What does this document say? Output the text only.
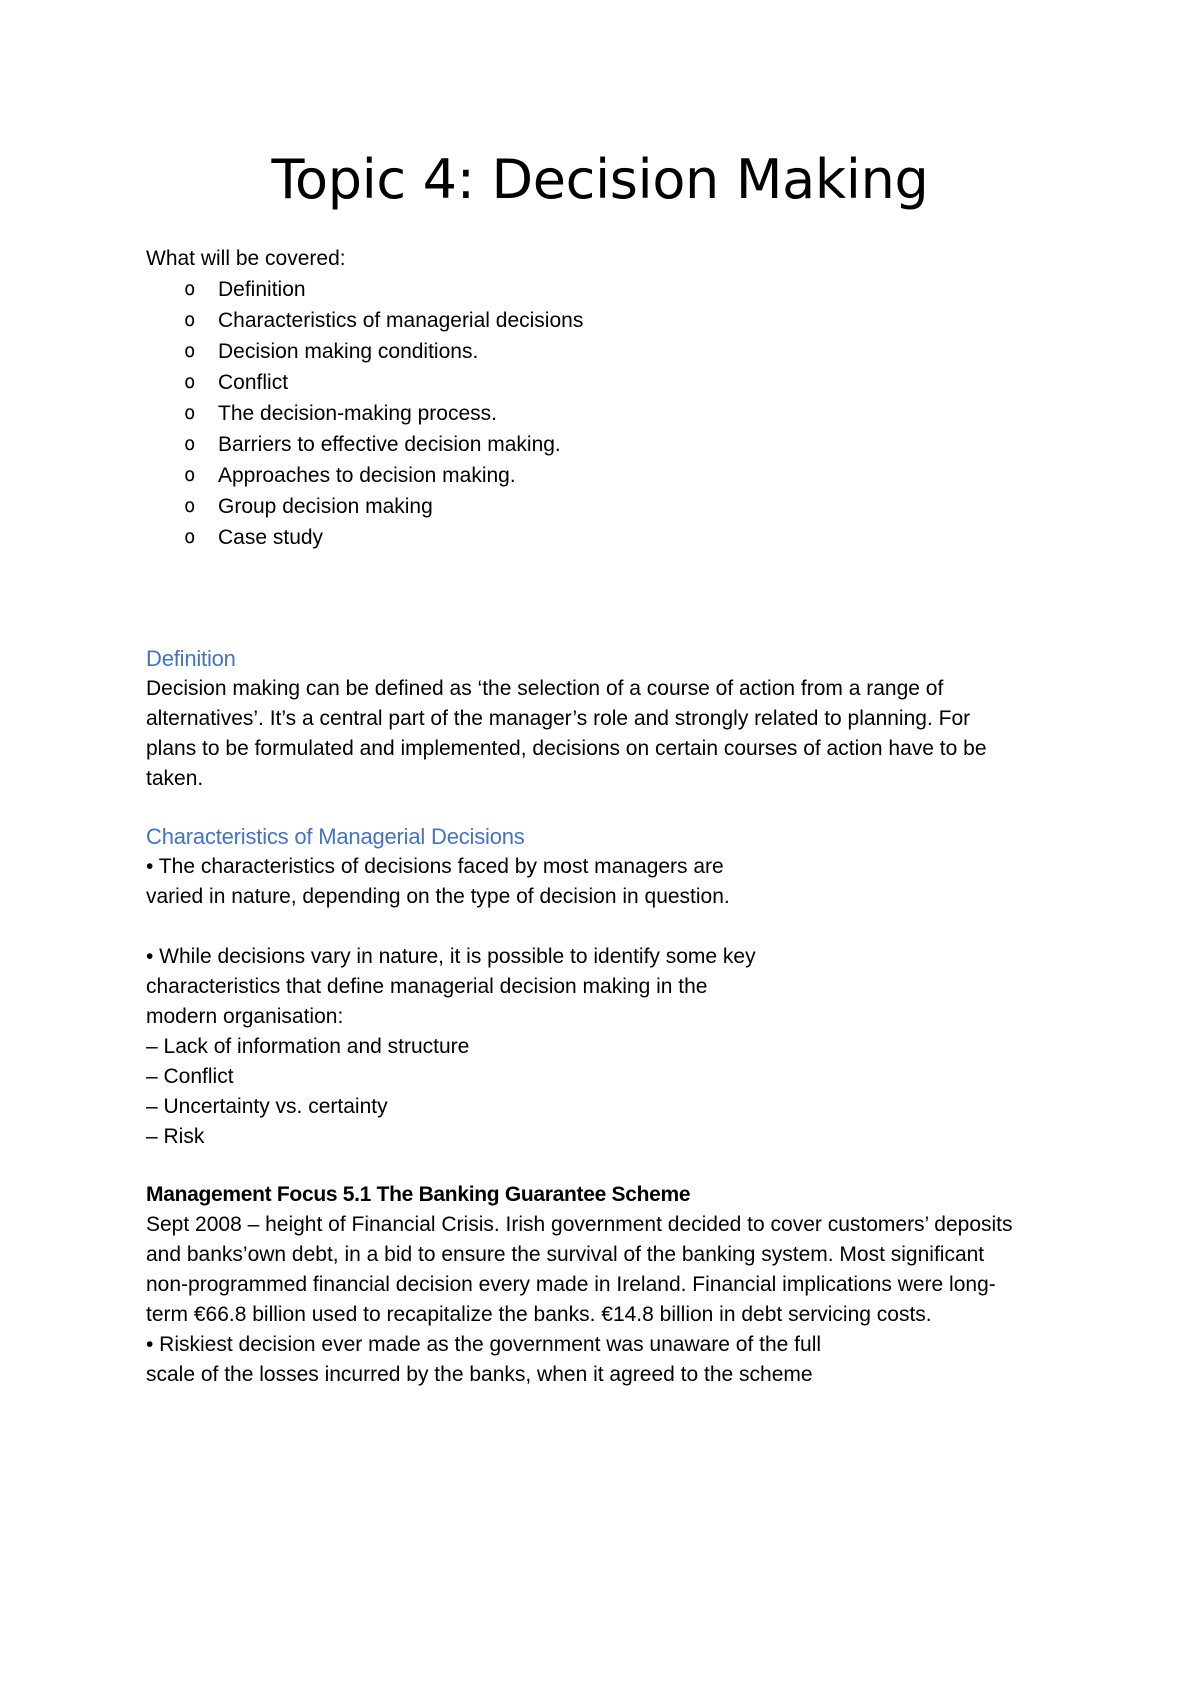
Topic 4: Decision Making

What will be covered:

o Definition
o Characteristics of managerial decisions
o Decision making conditions.
o Conflict
o The decision-making process.
o Barriers to effective decision making.
o Approaches to decision making.
o Group decision making
o Case study
Definition

Decision making can be defined as ‘the selection of a course of action from a range of

alternatives’. It’s a central part of the manager’s role and strongly related to planning. For

plans to be formulated and implemented, decisions on certain courses of action have to be

taken.

Characteristics of Managerial Decisions

• The characteristics of decisions faced by most managers are

varied in nature, depending on the type of decision in question.

• While decisions vary in nature, it is possible to identify some key

characteristics that define managerial decision making in the

modern organisation:

– Lack of information and structure

– Conflict

– Uncertainty vs. certainty

– Risk

Management Focus 5.1 The Banking Guarantee Scheme

Sept 2008 – height of Financial Crisis. Irish government decided to cover customers’ deposits

and banks’own debt, in a bid to ensure the survival of the banking system. Most significant

non-programmed financial decision every made in Ireland. Financial implications were long-

term €66.8 billion used to recapitalize the banks. €14.8 billion in debt servicing costs.

• Riskiest decision ever made as the government was unaware of the full

scale of the losses incurred by the banks, when it agreed to the scheme
